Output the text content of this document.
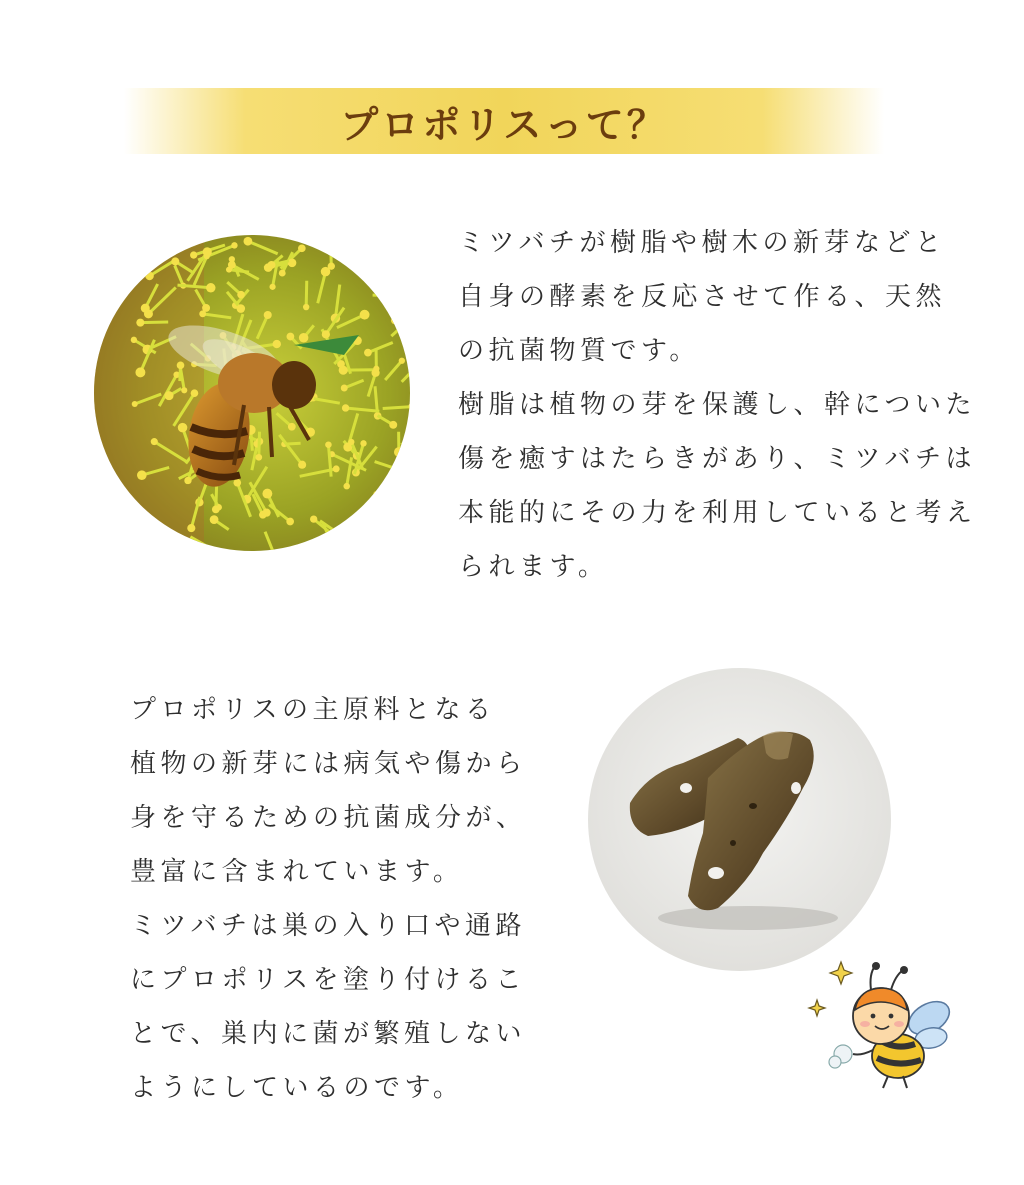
プロポリスって？
ミツバチが樹脂や樹木の新芽などと
自身の酵素を反応させて作る、天然
の抗菌物質です。
樹脂は植物の芽を保護し、幹についた
傷を癒すはたらきがあり、ミツバチは
本能的にその力を利用していると考え
られます。
プロポリスの主原料となる
植物の新芽には病気や傷から
身を守るための抗菌成分が、
豊富に含まれています。
ミツバチは巣の入り口や通路
にプロポリスを塗り付けるこ
とで、巣内に菌が繁殖しない
ようにしているのです。
